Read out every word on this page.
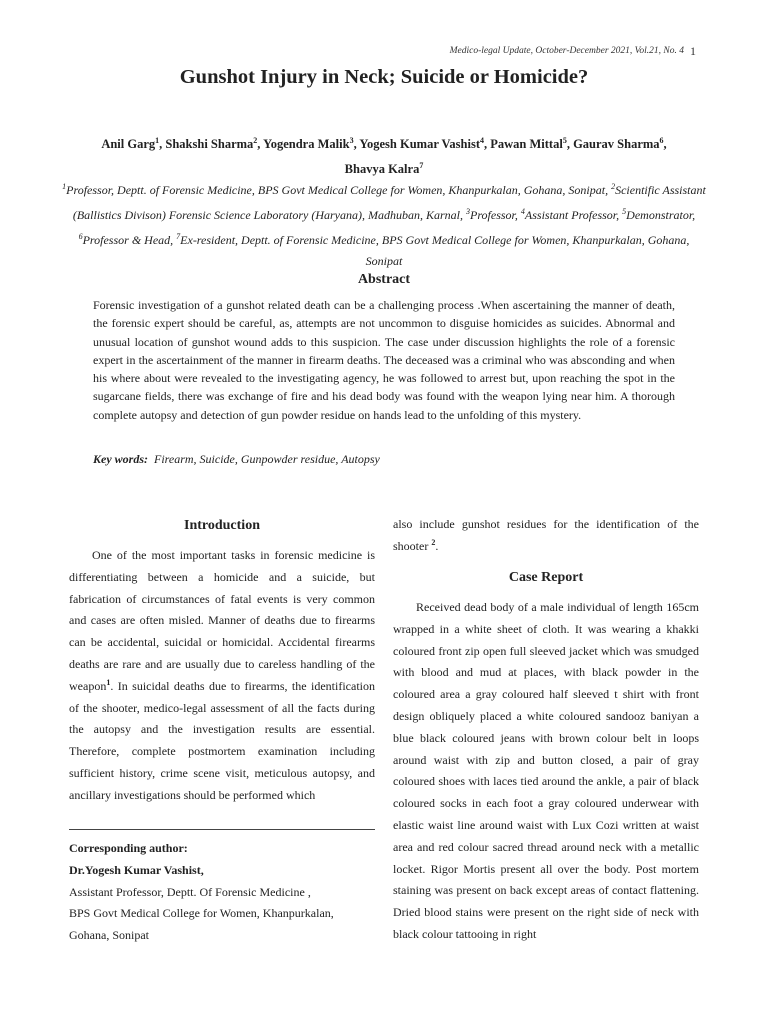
Medico-legal Update, October-December 2021, Vol.21, No. 4 1
Gunshot Injury in Neck; Suicide or Homicide?
Anil Garg$^1$, Shakshi Sharma$^2$, Yogendra Malik$^3$, Yogesh Kumar Vashist$^4$, Pawan Mittal$^5$, Gaurav Sharma$^6$,
Bhavya Kalra$^7$
$^1$Professor, Deptt. of Forensic Medicine, BPS Govt Medical College for Women, Khanpurkalan, Gohana, Sonipat, $^2$Scientific Assistant (Ballistics Divison) Forensic Science Laboratory (Haryana), Madhuban, Karnal, $^3$Professor, $^4$Assistant Professor, $^5$Demonstrator, $^6$Professor & Head, $^7$Ex-resident, Deptt. of Forensic Medicine, BPS Govt Medical College for Women, Khanpurkalan, Gohana, Sonipat
Abstract
Forensic investigation of a gunshot related death can be a challenging process .When ascertaining the manner of death, the forensic expert should be careful, as, attempts are not uncommon to disguise homicides as suicides. Abnormal and unusual location of gunshot wound adds to this suspicion. The case under discussion highlights the role of a forensic expert in the ascertainment of the manner in firearm deaths. The deceased was a criminal who was absconding and when his where about were revealed to the investigating agency, he was followed to arrest but, upon reaching the spot in the sugarcane fields, there was exchange of fire and his dead body was found with the weapon lying near him. A thorough complete autopsy and detection of gun powder residue on hands lead to the unfolding of this mystery.
Key words: Firearm, Suicide, Gunpowder residue, Autopsy
Introduction

One of the most important tasks in forensic medicine is differentiating between a homicide and a suicide, but fabrication of circumstances of fatal events is very common and cases are often misled. Manner of deaths due to firearms can be accidental, suicidal or homicidal. Accidental firearms deaths are rare and are usually due to careless handling of the weapon$^1$. In suicidal deaths due to firearms, the identification of the shooter, medico-legal assessment of all the facts during the autopsy and the investigation results are essential. Therefore, complete postmortem examination including sufficient history, crime scene visit, meticulous autopsy, and ancillary investigations should be performed which

Corresponding author:
Dr.Yogesh Kumar Vashist,
Assistant Professor, Deptt. Of Forensic Medicine ,
BPS Govt Medical College for Women, Khanpurkalan,
Gohana, Sonipat
also include gunshot residues for the identification of the shooter $^2$.
Case Report

Received dead body of a male individual of length 165cm wrapped in a white sheet of cloth. It was wearing a khakki coloured front zip open full sleeved jacket which was smudged with blood and mud at places, with black powder in the coloured area a gray coloured half sleeved t shirt with front design obliquely placed a white coloured sandooz baniyan a blue black coloured jeans with brown colour belt in loops around waist with zip and button closed, a pair of gray coloured shoes with laces tied around the ankle, a pair of black coloured socks in each foot a gray coloured underwear with elastic waist line around waist with Lux Cozi written at waist area and red colour sacred thread around neck with a metallic locket. Rigor Mortis present all over the body. Post mortem staining was present on back except areas of contact flattening. Dried blood stains were present on the right side of neck with black colour tattooing in right
